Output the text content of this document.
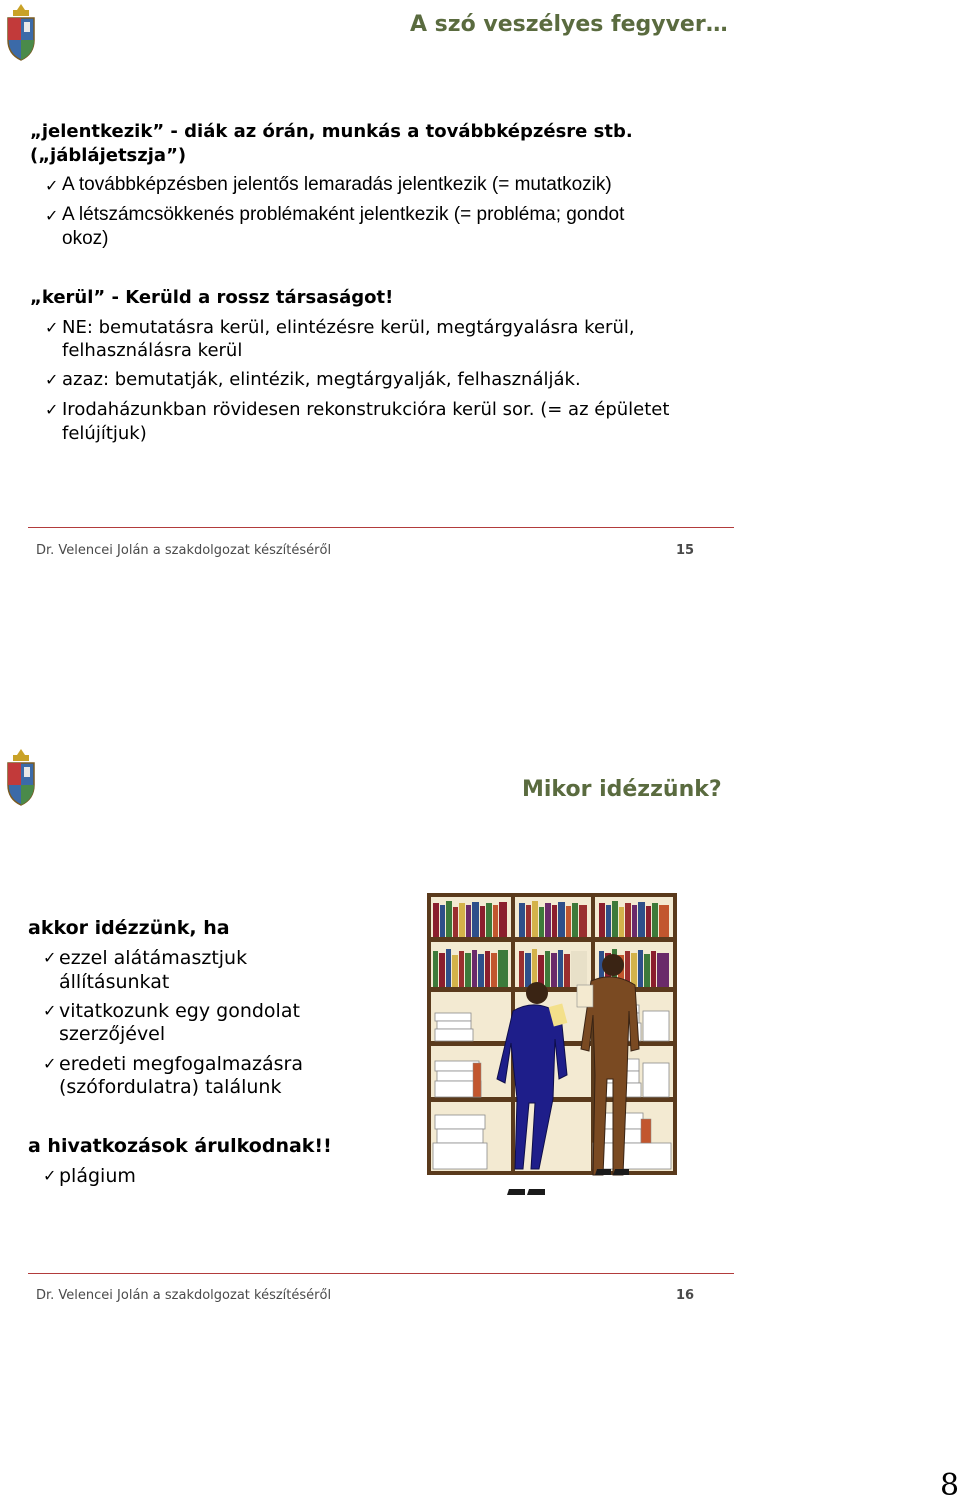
A szó veszélyes fegyver…
„jelentkezik” - diák az órán, munkás a továbbképzésre stb.
(„jáblájetszja”)
✓ A továbbképzésben jelentős lemaradás jelentkezik (= mutatkozik)
✓ A létszámcsökkenés problémaként jelentkezik (= probléma; gondot
okoz)
„kerül” - Kerüld a rossz társaságot!
✓ NE: bemutatásra kerül, elintézésre kerül, megtárgyalásra kerül,
felhasználásra kerül
✓ azaz: bemutatják, elintézik, megtárgyalják, felhasználják.
✓ Irodaházunkban rövidesen rekonstrukcióra kerül sor. (= az épületet
felújítjuk)
Dr. Velencei Jolán a szakdolgozat készítéséről	15
Mikor idézzünk?
akkor idézzünk, ha
✓ ezzel alátámasztjuk
állításunkat
✓ vitatkozunk egy gondolat
szerzőjével
✓ eredeti megfogalmazásra
(szófordulatra) találunk
a hivatkozások árulkodnak!!
✓ plágium
Dr. Velencei Jolán a szakdolgozat készítéséről	16
8
